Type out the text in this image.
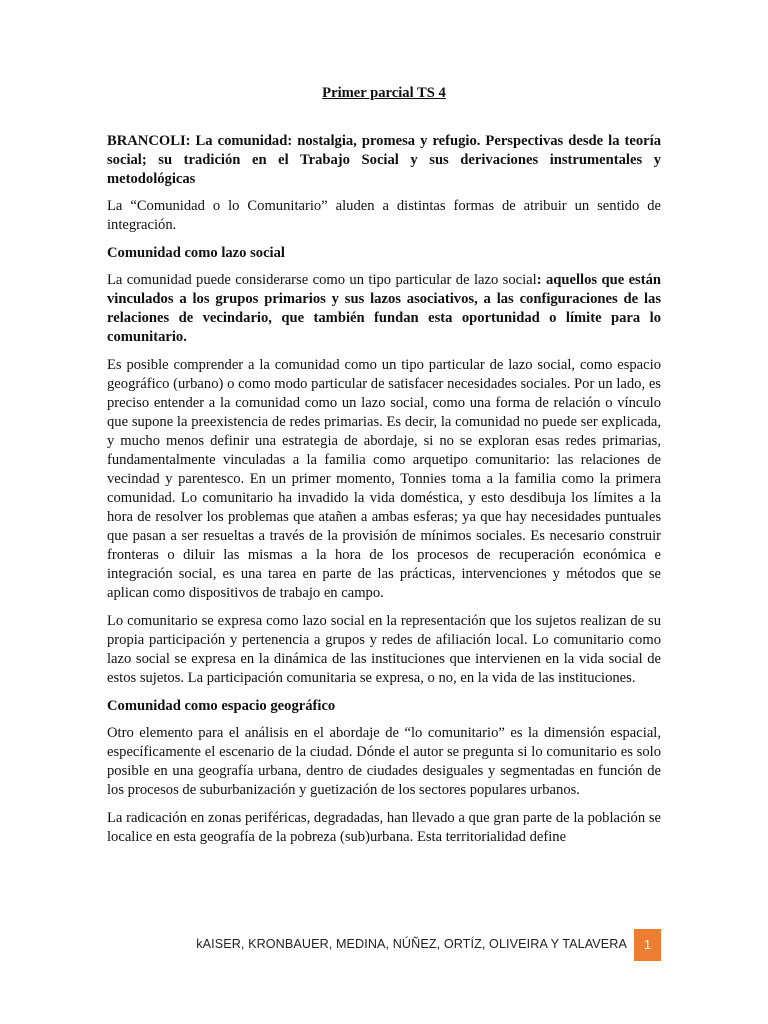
Primer parcial TS 4

BRANCOLI: La comunidad: nostalgia, promesa y refugio. Perspectivas desde la teoría social; su tradición en el Trabajo Social y sus derivaciones instrumentales y metodológicas

La “Comunidad o lo Comunitario” aluden a distintas formas de atribuir un sentido de integración.

Comunidad como lazo social

La comunidad puede considerarse como un tipo particular de lazo social: aquellos que están vinculados a los grupos primarios y sus lazos asociativos, a las configuraciones de las relaciones de vecindario, que también fundan esta oportunidad o límite para lo comunitario.

Es posible comprender a la comunidad como un tipo particular de lazo social, como espacio geográfico (urbano) o como modo particular de satisfacer necesidades sociales. Por un lado, es preciso entender a la comunidad como un lazo social, como una forma de relación o vínculo que supone la preexistencia de redes primarias. Es decir, la comunidad no puede ser explicada, y mucho menos definir una estrategia de abordaje, si no se exploran esas redes primarias, fundamentalmente vinculadas a la familia como arquetipo comunitario: las relaciones de vecindad y parentesco. En un primer momento, Tonnies toma a la familia como la primera comunidad. Lo comunitario ha invadido la vida doméstica, y esto desdibuja los límites a la hora de resolver los problemas que atañen a ambas esferas; ya que hay necesidades puntuales que pasan a ser resueltas a través de la provisión de mínimos sociales. Es necesario construir fronteras o diluir las mismas a la hora de los procesos de recuperación económica e integración social, es una tarea en parte de las prácticas, intervenciones y métodos que se aplican como dispositivos de trabajo en campo.

Lo comunitario se expresa como lazo social en la representación que los sujetos realizan de su propia participación y pertenencia a grupos y redes de afiliación local. Lo comunitario como lazo social se expresa en la dinámica de las instituciones que intervienen en la vida social de estos sujetos. La participación comunitaria se expresa, o no, en la vida de las instituciones.

Comunidad como espacio geográfico

Otro elemento para el análisis en el abordaje de “lo comunitario” es la dimensión espacial, específicamente el escenario de la ciudad. Dónde el autor se pregunta si lo comunitario es solo posible en una geografía urbana, dentro de ciudades desiguales y segmentadas en función de los procesos de suburbanización y guetización de los sectores populares urbanos.

La radicación en zonas periféricas, degradadas, han llevado a que gran parte de la población se localice en esta geografía de la pobreza (sub)urbana. Esta territorialidad define

kAISER, KRONBAUER, MEDINA, NÚÑEZ, ORTÍZ, OLIVEIRA Y TALAVERA	1
